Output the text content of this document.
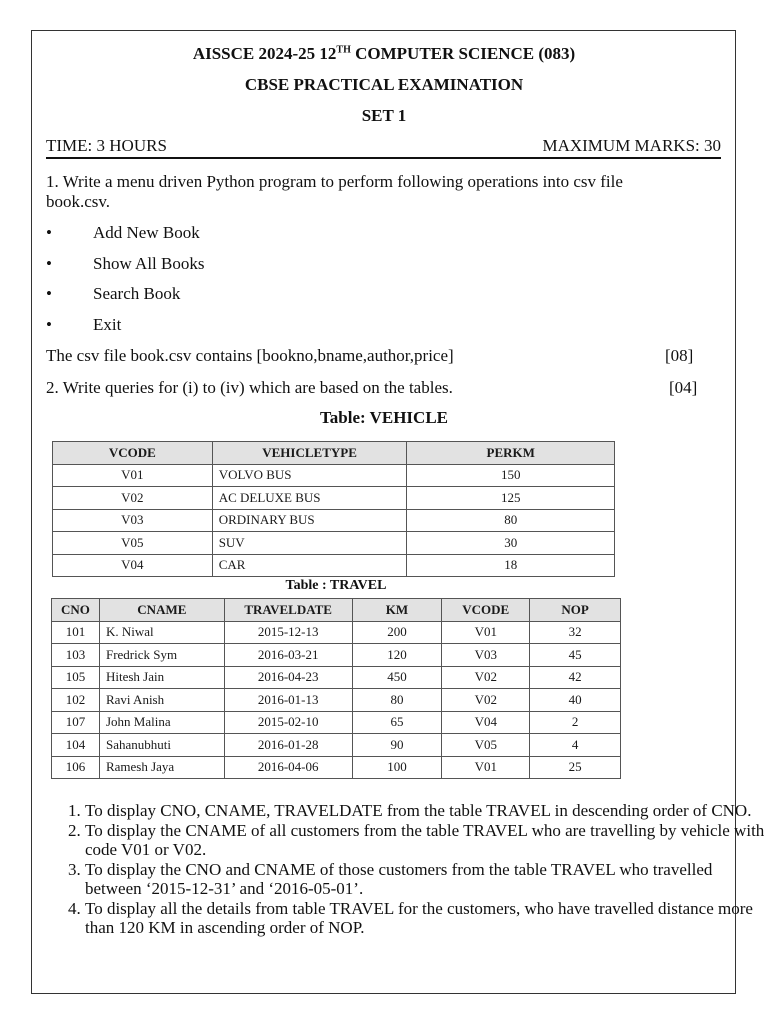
AISSCE 2024-25 12TH COMPUTER SCIENCE (083)
CBSE PRACTICAL EXAMINATION
SET 1
TIME: 3 HOURS	MAXIMUM MARKS: 30
1. Write a menu driven Python program to perform following operations into csv file
book.csv.
• Add New Book
• Show All Books
• Search Book
• Exit
The csv file book.csv contains [bookno,bname,author,price]	[08]
2. Write queries for (i) to (iv) which are based on the tables.	[04]
Table: VEHICLE
VCODE	VEHICLETYPE	PERKM
V01	VOLVO BUS	150
V02	AC DELUXE BUS	125
V03	ORDINARY BUS	80
V05	SUV	30
V04	CAR	18
Table : TRAVEL
CNO	CNAME	TRAVELDATE	KM	VCODE	NOP
101	K. Niwal	2015-12-13	200	V01	32
103	Fredrick Sym	2016-03-21	120	V03	45
105	Hitesh Jain	2016-04-23	450	V02	42
102	Ravi Anish	2016-01-13	80	V02	40
107	John Malina	2015-02-10	65	V04	2
104	Sahanubhuti	2016-01-28	90	V05	4
106	Ramesh Jaya	2016-04-06	100	V01	25
1. To display CNO, CNAME, TRAVELDATE from the table TRAVEL in descending order of CNO.
2. To display the CNAME of all customers from the table TRAVEL who are travelling by vehicle with code V01 or V02.
3. To display the CNO and CNAME of those customers from the table TRAVEL who travelled between ‘2015-12-31’ and ‘2016-05-01’.
4. To display all the details from table TRAVEL for the customers, who have travelled distance more than 120 KM in ascending order of NOP.
